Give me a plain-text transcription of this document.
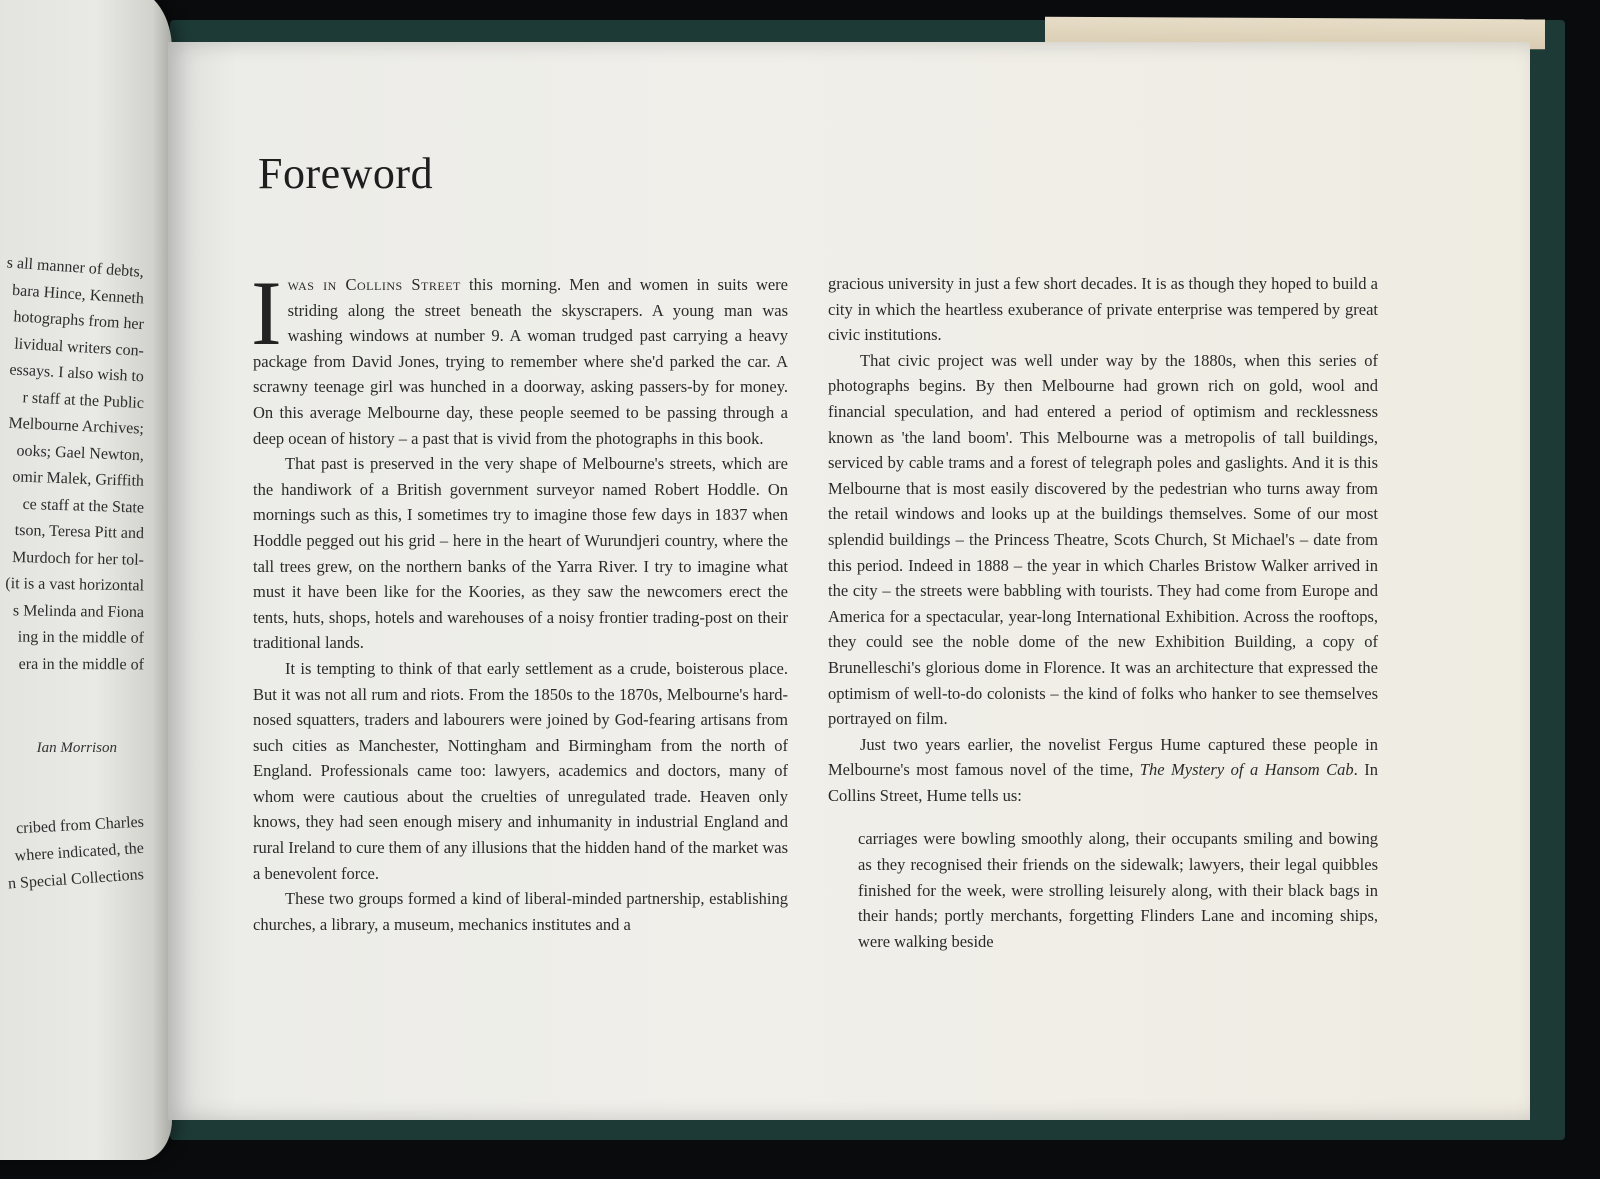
s all manner of debts,
bara Hince, Kenneth
hotographs from her
lividual writers con-
essays. I also wish to
r staff at the Public
Melbourne Archives;
ooks; Gael Newton,
omir Malek, Griffith
ce staff at the State
tson, Teresa Pitt and
Murdoch for her tol-
(it is a vast horizontal
s Melinda and Fiona
ing in the middle of
era in the middle of
Ian Morrison
cribed from Charles
where indicated, the
n Special Collections
Foreword

Iwas in Collins Street this morning. Men and women in suits were striding along the street beneath the skyscrapers. A young man was washing windows at number 9. A woman trudged past carrying a heavy package from David Jones, trying to remember where she'd parked the car. A scrawny teenage girl was hunched in a doorway, asking passers-by for money. On this average Melbourne day, these people seemed to be passing through a deep ocean of history – a past that is vivid from the photographs in this book.

That past is preserved in the very shape of Melbourne's streets, which are the handiwork of a British government surveyor named Robert Hoddle. On mornings such as this, I sometimes try to imagine those few days in 1837 when Hoddle pegged out his grid – here in the heart of Wurundjeri country, where the tall trees grew, on the northern banks of the Yarra River. I try to imagine what must it have been like for the Koories, as they saw the newcomers erect the tents, huts, shops, hotels and warehouses of a noisy frontier trading-post on their traditional lands.

It is tempting to think of that early settlement as a crude, boisterous place. But it was not all rum and riots. From the 1850s to the 1870s, Melbourne's hard-nosed squatters, traders and labourers were joined by God-fearing artisans from such cities as Manchester, Nottingham and Birmingham from the north of England. Professionals came too: lawyers, academics and doctors, many of whom were cautious about the cruelties of unregulated trade. Heaven only knows, they had seen enough misery and inhumanity in industrial England and rural Ireland to cure them of any illusions that the hidden hand of the market was a benevolent force.

These two groups formed a kind of liberal-minded partnership, establishing churches, a library, a museum, mechanics institutes and a

gracious university in just a few short decades. It is as though they hoped to build a city in which the heartless exuberance of private enterprise was tempered by great civic institutions.

That civic project was well under way by the 1880s, when this series of photographs begins. By then Melbourne had grown rich on gold, wool and financial speculation, and had entered a period of optimism and recklessness known as 'the land boom'. This Melbourne was a metropolis of tall buildings, serviced by cable trams and a forest of telegraph poles and gaslights. And it is this Melbourne that is most easily discovered by the pedestrian who turns away from the retail windows and looks up at the buildings themselves. Some of our most splendid buildings – the Princess Theatre, Scots Church, St Michael's – date from this period. Indeed in 1888 – the year in which Charles Bristow Walker arrived in the city – the streets were babbling with tourists. They had come from Europe and America for a spectacular, year-long International Exhibition. Across the rooftops, they could see the noble dome of the new Exhibition Building, a copy of Brunelleschi's glorious dome in Florence. It was an architecture that expressed the optimism of well-to-do colonists – the kind of folks who hanker to see themselves portrayed on film.

Just two years earlier, the novelist Fergus Hume captured these people in Melbourne's most famous novel of the time, The Mystery of a Hansom Cab. In Collins Street, Hume tells us:

carriages were bowling smoothly along, their occupants smiling and bowing as they recognised their friends on the sidewalk; lawyers, their legal quibbles finished for the week, were strolling leisurely along, with their black bags in their hands; portly merchants, forgetting Flinders Lane and incoming ships, were walking beside
